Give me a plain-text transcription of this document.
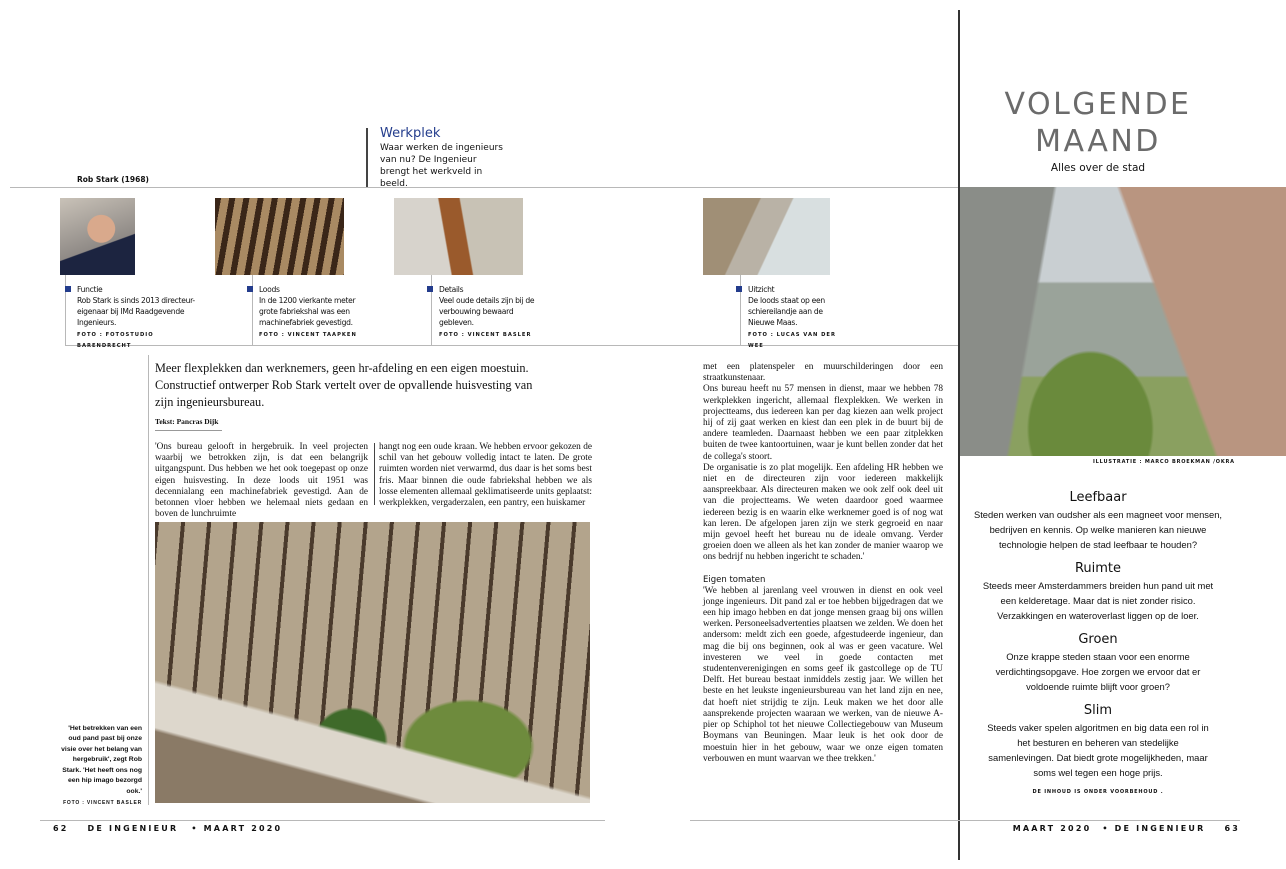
Rob Stark (1968)
Werkplek
Waar werken de ingenieurs van nu? De Ingenieur brengt het werkveld in beeld.
Functie
Rob Stark is sinds 2013 directeur-eigenaar bij IMd Raadgevende Ingenieurs.
FOTO : FOTOSTUDIO BARENDRECHT
Loods
In de 1200 vierkante meter grote fabriekshal was een machinefabriek gevestigd.
FOTO : VINCENT TAAPKEN
Details
Veel oude details zijn bij de verbouwing bewaard gebleven.
FOTO : VINCENT BASLER
Uitzicht
De loods staat op een schiereilandje aan de Nieuwe Maas.
FOTO : LUCAS VAN DER WEE
Meer flexplekken dan werknemers, geen hr-afdeling en een eigen moestuin. Constructief ontwerper Rob Stark vertelt over de opvallende huisvesting van zijn ingenieursbureau.
Tekst: Pancras Dijk
'Ons bureau gelooft in hergebruik. In veel projecten waarbij we betrokken zijn, is dat een belangrijk uitgangspunt. Dus hebben we het ook toegepast op onze eigen huisvesting. In deze loods uit 1951 was decennialang een machinefabriek gevestigd. Aan de betonnen vloer hebben we helemaal niets gedaan en boven de lunchruimte
hangt nog een oude kraan. We hebben ervoor gekozen de schil van het gebouw volledig intact te laten. De grote ruimten worden niet verwarmd, dus daar is het soms best fris. Maar binnen die oude fabriekshal hebben we als losse elementen allemaal geklimatiseerde units geplaatst: werkplekken, vergaderzalen, een pantry, een huiskamer
'Het betrekken van een oud pand past bij onze visie over het belang van hergebruik', zegt Rob Stark. 'Het heeft ons nog een hip imago bezorgd ook.'
FOTO : VINCENT BASLER

met een platenspeler en muurschilderingen door een straatkunstenaar.

Ons bureau heeft nu 57 mensen in dienst, maar we hebben 78 werkplekken ingericht, allemaal flexplekken. We werken in projectteams, dus iedereen kan per dag kiezen aan welk project hij of zij gaat werken en kiest dan een plek in de buurt bij de andere teamleden. Daarnaast hebben we een paar zitplekken buiten de twee kantoortuinen, waar je kunt bellen zonder dat het de collega's stoort.

De organisatie is zo plat mogelijk. Een afdeling HR hebben we niet en de directeuren zijn voor iedereen makkelijk aanspreekbaar. Als directeuren maken we ook zelf ook deel uit van die projectteams. We weten daardoor goed waarmee iedereen bezig is en waarin elke werknemer goed is of nog wat kan leren. De afgelopen jaren zijn we sterk gegroeid en naar mijn gevoel heeft het bureau nu de ideale omvang. Verder groeien doen we alleen als het kan zonder de manier waarop we ons bedrijf nu hebben ingericht te schaden.'

Eigen tomaten

'We hebben al jarenlang veel vrouwen in dienst en ook veel jonge ingenieurs. Dit pand zal er toe hebben bijgedragen dat we een hip imago hebben en dat jonge mensen graag bij ons willen werken. Personeelsadvertenties plaatsen we zelden. We doen het andersom: meldt zich een goede, afgestudeerde ingenieur, dan mag die bij ons beginnen, ook al was er geen vacature. Wel investeren we veel in goede contacten met studentenverenigingen en soms geef ik gastcollege op de TU Delft. Het bureau bestaat inmiddels zestig jaar. We willen het beste en het leukste ingenieursbureau van het land zijn en nee, dat hoeft niet strijdig te zijn. Leuk maken we het door alle aansprekende projecten waaraan we werken, van de nieuwe A-pier op Schiphol tot het nieuwe Collectiegebouw van Museum Boymans van Beuningen. Maar leuk is het ook door de moestuin hier in het gebouw, waar we onze eigen tomaten verbouwen en munt waarvan we thee trekken.'

62 DE INGENIEUR • MAART 2020
VOLGENDE
MAAND
Alles over de stad
ILLUSTRATIE : MARCO BROEKMAN /OKRA
Leefbaar

Steden werken van oudsher als een magneet voor mensen, bedrijven en kennis. Op welke manieren kan nieuwe technologie helpen de stad leefbaar te houden?

Ruimte

Steeds meer Amsterdammers breiden hun pand uit met een kelderetage. Maar dat is niet zonder risico. Verzakkingen en wateroverlast liggen op de loer.

Groen

Onze krappe steden staan voor een enorme verdichtingsopgave. Hoe zorgen we ervoor dat er voldoende ruimte blijft voor groen?

Slim

Steeds vaker spelen algoritmen en big data een rol in het besturen en beheren van stedelijke samenlevingen. Dat biedt grote mogelijkheden, maar soms wel tegen een hoge prijs.

DE INHOUD IS ONDER VOORBEHOUD .
MAART 2020 • DE INGENIEUR 63
